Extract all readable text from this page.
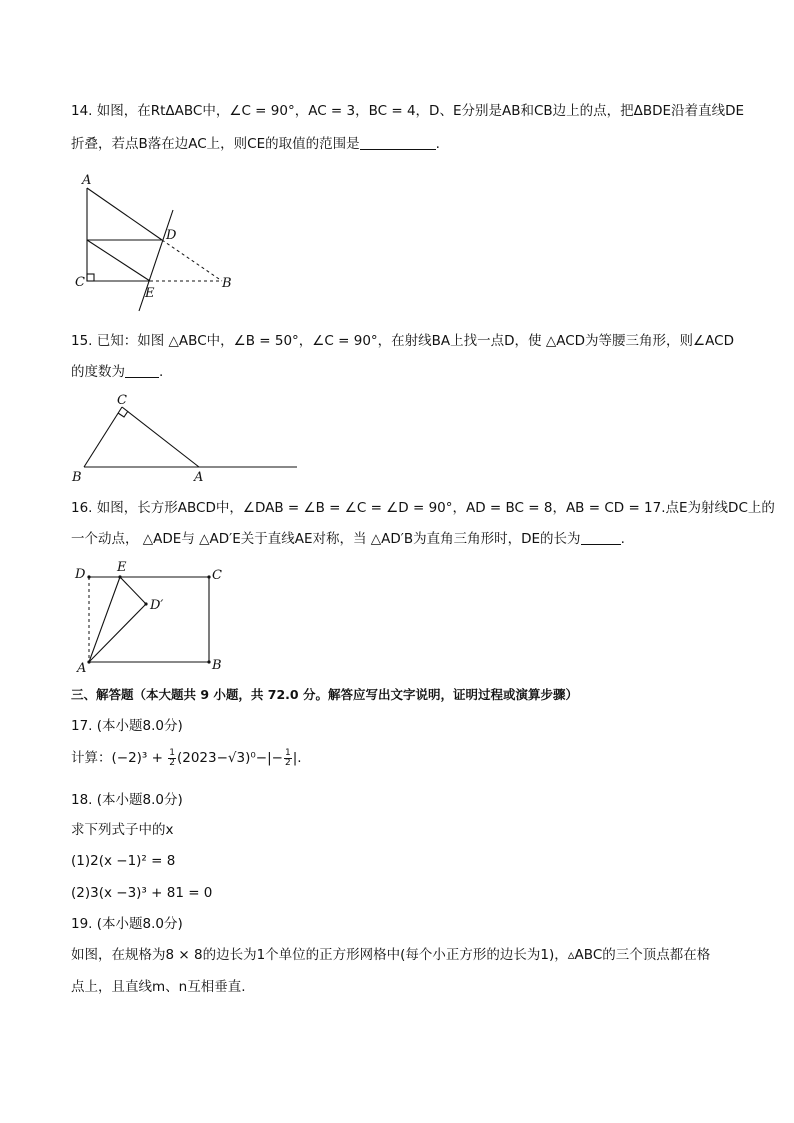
14. 如图，在RtΔABC中，∠C = 90°，AC = 3，BC = 4，D、E分别是AB和CB边上的点，把ΔBDE沿着直线DE
折叠，若点B落在边AC上，则CE的取值的范围是	.
A
C
D
E
B
15. 已知：如图 △ABC中，∠B = 50°，∠C = 90°，在射线BA上找一点D，使 △ACD为等腰三角形，则∠ACD
的度数为	.
C
B	A
16. 如图，长方形ABCD中，∠DAB = ∠B = ∠C = ∠D = 90°，AD = BC = 8，AB = CD = 17.点E为射线DC上的
一个动点， △ADE与 △AD′E关于直线AE对称，当 △AD′B为直角三角形时，DE的长为	.
D E
C
D′
A	B
三、解答题（本大题共 9 小题，共 72.0 分。解答应写出文字说明，证明过程或演算步骤）
17. (本小题8.0分)
计算：$(-2)^3 + \frac{1}{2} (2023-√3)^0-|- \frac{1}{2}$ |.
18. (本小题8.0分)
求下列式子中的x
(1)2(x −1)² = 8
(2)3(x −3)³ + 81 = 0
19. (本小题8.0分)
如图，在规格为8 × 8的边长为1个单位的正方形网格中(每个小正方形的边长为1)，▵ABC的三个顶点都在格
点上，且直线m、n互相垂直.
